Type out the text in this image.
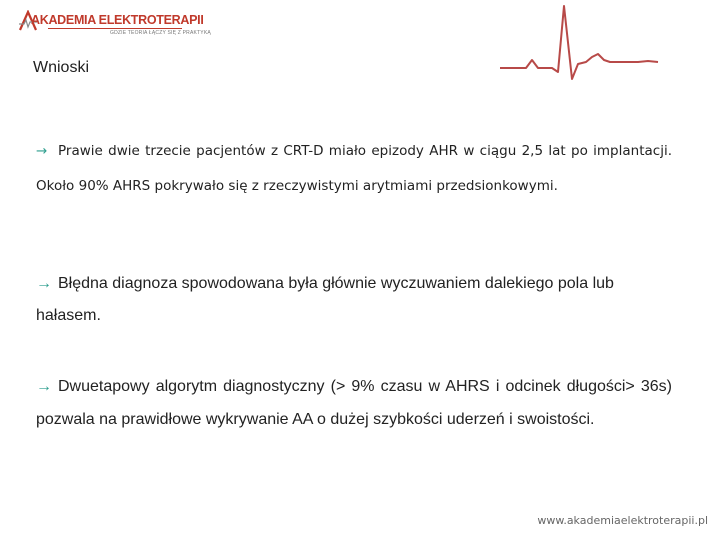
AKADEMIA ELEKTROTERAPII
GDZIE TEORIA ŁĄCZY SIĘ Z PRAKTYKĄ
Wnioski
→ Prawie dwie trzecie pacjentów z CRT-D miało epizody AHR w ciągu 2,5 lat po implantacji. Około 90% AHRS pokrywało się z rzeczywistymi arytmiami przedsionkowymi.
→ Błędna diagnoza spowodowana była głównie wyczuwaniem dalekiego pola lub hałasem.
→ Dwuetapowy algorytm diagnostyczny (> 9% czasu w AHRS i odcinek długości> 36s) pozwala na prawidłowe wykrywanie AA o dużej szybkości uderzeń i swoistości.
www.akademiaelektroterapii.pl
